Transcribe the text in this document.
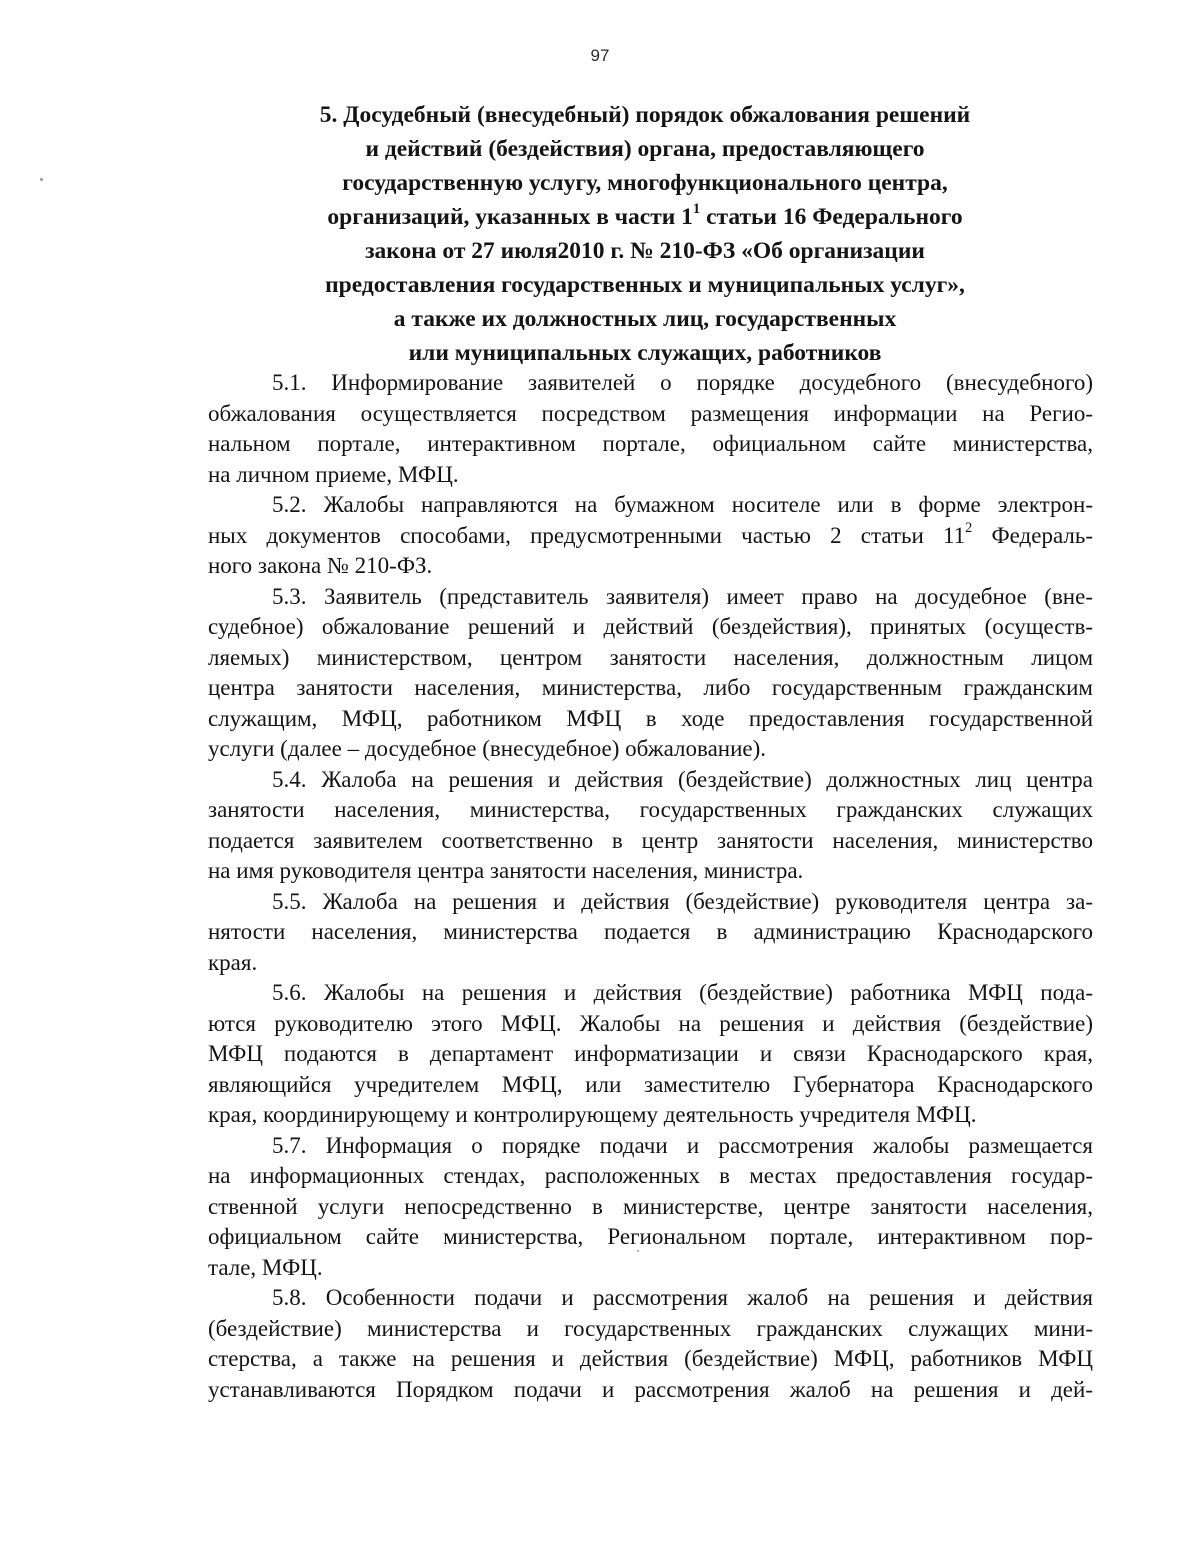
97
5. Досудебный (внесудебный) порядок обжалования решений
и действий (бездействия) органа, предоставляющего
государственную услугу, многофункционального центра,
организаций, указанных в части $1^1$ статьи 16 Федерального
закона от 27 июля2010 г. № 210-ФЗ «Об организации
предоставления государственных и муниципальных услуг»,
а также их должностных лиц, государственных
или муниципальных служащих, работников
5.1. Информирование заявителей о порядке досудебного (внесудебного)
обжалования осуществляется посредством размещения информации на Регио-
нальном портале, интерактивном портале, официальном сайте министерства,
на личном приеме, МФЦ.
5.2. Жалобы направляются на бумажном носителе или в форме электрон-
ных документов способами, предусмотренными частью 2 статьи $11^2$ Федераль-
ного закона № 210-ФЗ.
5.3. Заявитель (представитель заявителя) имеет право на досудебное (вне-
судебное) обжалование решений и действий (бездействия), принятых (осуществ-
ляемых) министерством, центром занятости населения, должностным лицом
центра занятости населения, министерства, либо государственным гражданским
служащим, МФЦ, работником МФЦ в ходе предоставления государственной
услуги (далее – досудебное (внесудебное) обжалование).
5.4. Жалоба на решения и действия (бездействие) должностных лиц центра
занятости населения, министерства, государственных гражданских служащих
подается заявителем соответственно в центр занятости населения, министерство
на имя руководителя центра занятости населения, министра.
5.5. Жалоба на решения и действия (бездействие) руководителя центра за-
нятости населения, министерства подается в администрацию Краснодарского
края.
5.6. Жалобы на решения и действия (бездействие) работника МФЦ пода-
ются руководителю этого МФЦ. Жалобы на решения и действия (бездействие)
МФЦ подаются в департамент информатизации и связи Краснодарского края,
являющийся учредителем МФЦ, или заместителю Губернатора Краснодарского
края, координирующему и контролирующему деятельность учредителя МФЦ.
5.7. Информация о порядке подачи и рассмотрения жалобы размещается
на информационных стендах, расположенных в местах предоставления государ-
ственной услуги непосредственно в министерстве, центре занятости населения,
официальном сайте министерства, Региональном портале, интерактивном пор-
тале, МФЦ.
5.8. Особенности подачи и рассмотрения жалоб на решения и действия
(бездействие) министерства и государственных гражданских служащих мини-
стерства, а также на решения и действия (бездействие) МФЦ, работников МФЦ
устанавливаются Порядком подачи и рассмотрения жалоб на решения и дей-
